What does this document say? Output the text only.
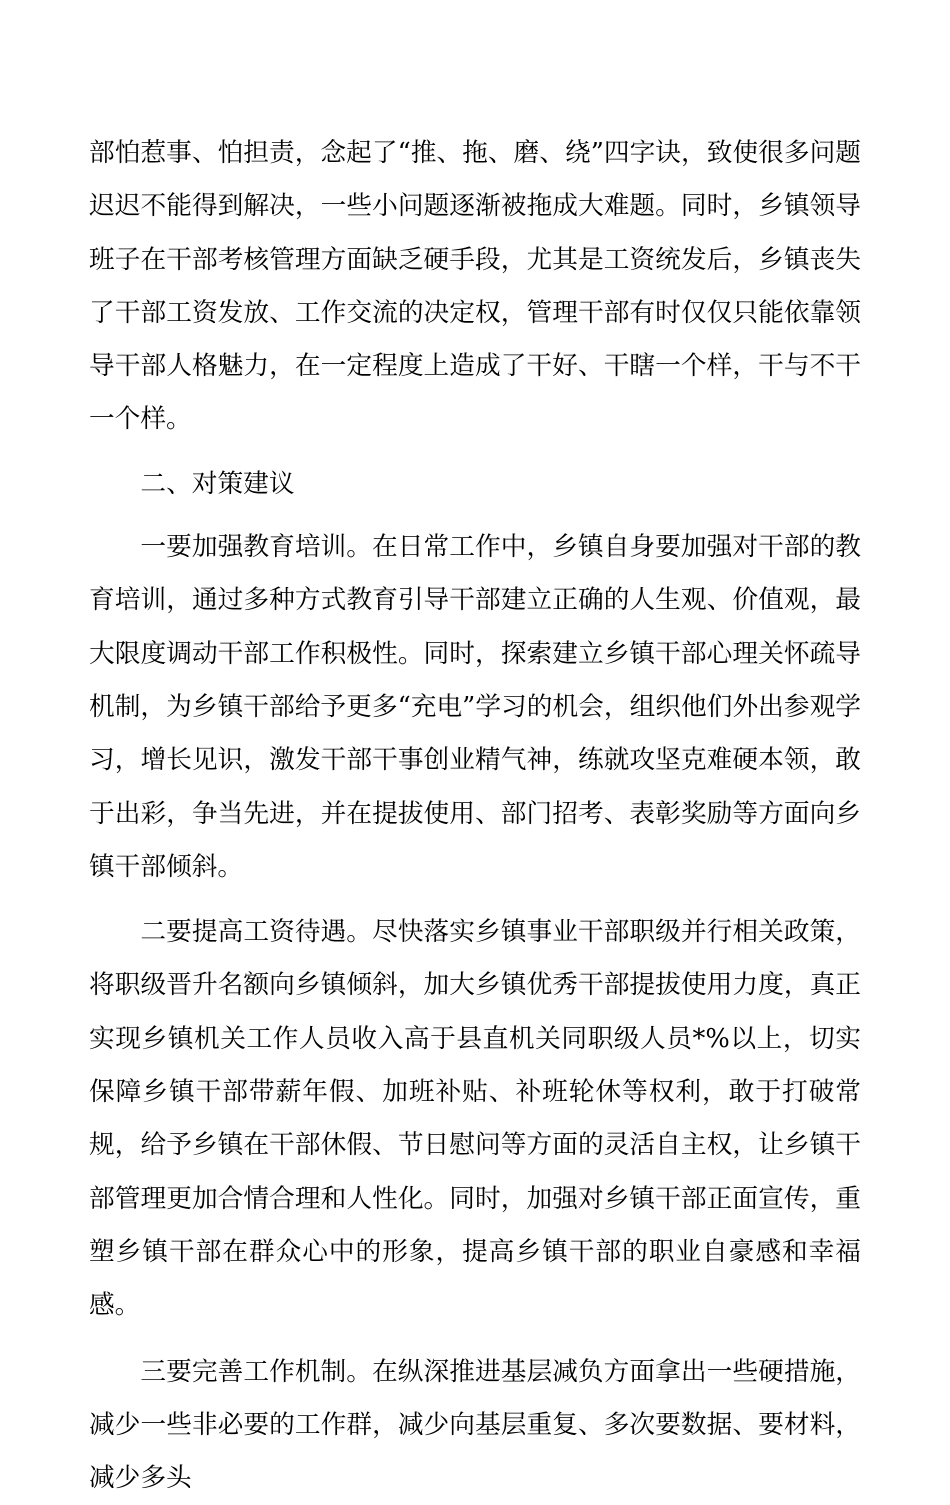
部怕惹事、怕担责，念起了“推、拖、磨、绕”四字诀，致使很多问题迟迟不能得到解决，一些小问题逐渐被拖成大难题。同时，乡镇领导班子在干部考核管理方面缺乏硬手段，尤其是工资统发后，乡镇丧失了干部工资发放、工作交流的决定权，管理干部有时仅仅只能依靠领导干部人格魅力，在一定程度上造成了干好、干瞎一个样，干与不干一个样。

二、对策建议

一要加强教育培训。在日常工作中，乡镇自身要加强对干部的教育培训，通过多种方式教育引导干部建立正确的人生观、价值观，最大限度调动干部工作积极性。同时，探索建立乡镇干部心理关怀疏导机制，为乡镇干部给予更多“充电”学习的机会，组织他们外出参观学习，增长见识，激发干部干事创业精气神，练就攻坚克难硬本领，敢于出彩，争当先进，并在提拔使用、部门招考、表彰奖励等方面向乡镇干部倾斜。

二要提高工资待遇。尽快落实乡镇事业干部职级并行相关政策，将职级晋升名额向乡镇倾斜，加大乡镇优秀干部提拔使用力度，真正实现乡镇机关工作人员收入高于县直机关同职级人员*%以上，切实保障乡镇干部带薪年假、加班补贴、补班轮休等权利，敢于打破常规，给予乡镇在干部休假、节日慰问等方面的灵活自主权，让乡镇干部管理更加合情合理和人性化。同时，加强对乡镇干部正面宣传，重塑乡镇干部在群众心中的形象，提高乡镇干部的职业自豪感和幸福感。

三要完善工作机制。在纵深推进基层减负方面拿出一些硬措施，减少一些非必要的工作群，减少向基层重复、多次要数据、要材料，减少多头
